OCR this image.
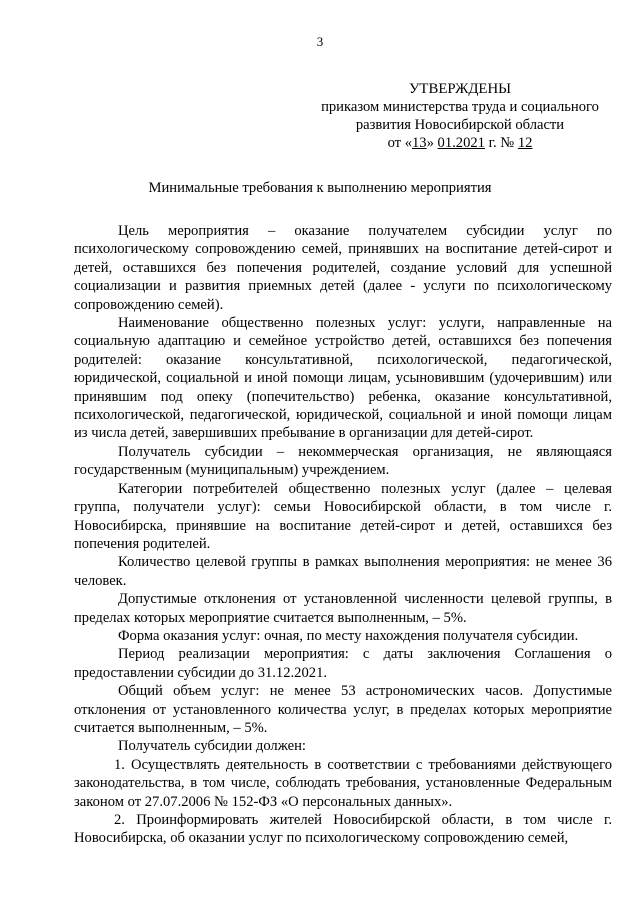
3
УТВЕРЖДЕНЫ
приказом министерства труда и социального
развития Новосибирской области
от «13» 01.2021 г. № 12
Минимальные требования к выполнению мероприятия

Цель мероприятия – оказание получателем субсидии услуг по психологическому сопровождению семей, принявших на воспитание детей-сирот и детей, оставшихся без попечения родителей, создание условий для успешной социализации и развития приемных детей (далее - услуги по психологическому сопровождению семей).

Наименование общественно полезных услуг: услуги, направленные на социальную адаптацию и семейное устройство детей, оставшихся без попечения родителей: оказание консультативной, психологической, педагогической, юридической, социальной и иной помощи лицам, усыновившим (удочерившим) или принявшим под опеку (попечительство) ребенка, оказание консультативной, психологической, педагогической, юридической, социальной и иной помощи лицам из числа детей, завершивших пребывание в организации для детей-сирот.

Получатель субсидии – некоммерческая организация, не являющаяся государственным (муниципальным) учреждением.

Категории потребителей общественно полезных услуг (далее – целевая группа, получатели услуг): семьи Новосибирской области, в том числе г. Новосибирска, принявшие на воспитание детей-сирот и детей, оставшихся без попечения родителей.

Количество целевой группы в рамках выполнения мероприятия: не менее 36 человек.

Допустимые отклонения от установленной численности целевой группы, в пределах которых мероприятие считается выполненным, – 5%.

Форма оказания услуг: очная, по месту нахождения получателя субсидии.

Период реализации мероприятия: с даты заключения Соглашения о предоставлении субсидии до 31.12.2021.

Общий объем услуг: не менее 53 астрономических часов. Допустимые отклонения от установленного количества услуг, в пределах которых мероприятие считается выполненным, – 5%.

Получатель субсидии должен:

1. Осуществлять деятельность в соответствии с требованиями действующего законодательства, в том числе, соблюдать требования, установленные Федеральным законом от 27.07.2006 № 152-ФЗ «О персональных данных».

2. Проинформировать жителей Новосибирской области, в том числе г. Новосибирска, об оказании услуг по психологическому сопровождению семей,
